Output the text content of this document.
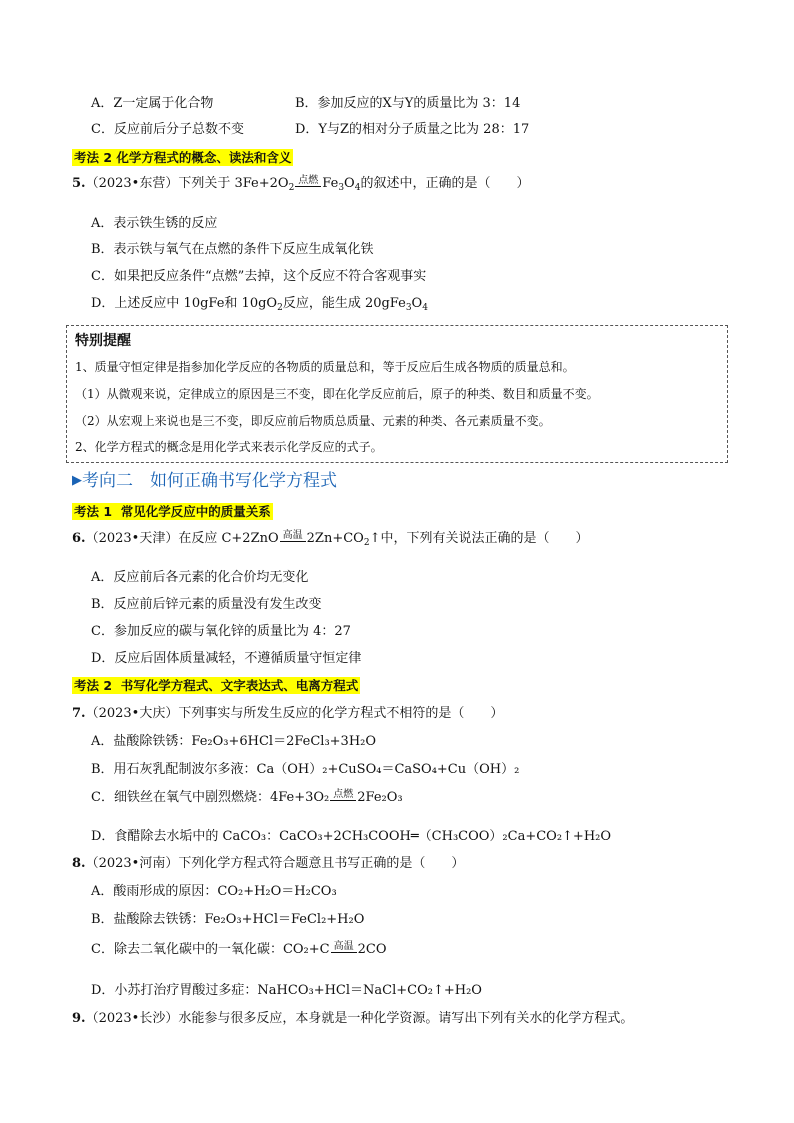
A．Z一定属于化合物	B．参加反应的X与Y的质量比为 3：14
C．反应前后分子总数不变	D．Y与Z的相对分子质量之比为 28：17
考法 2 化学方程式的概念、读法和含义
5.（2023•东营）下列关于 $3Fe+2O_2$
点燃 $Fe_3O_4$的叙述中，正确的是（　　）
A．表示铁生锈的反应
B．表示铁与氧气在点燃的条件下反应生成氧化铁
C．如果把反应条件“点燃”去掉，这个反应不符合客观事实
D．上述反应中 10gFe和 $10gO_2$反应，能生成 $20gFe_3O_4$
特别提醒
1、质量守恒定律是指参加化学反应的各物质的质量总和，等于反应后生成各物质的质量总和。
（1）从微观来说，定律成立的原因是三不变，即在化学反应前后，原子的种类、数目和质量不变。
（2）从宏观上来说也是三不变，即反应前后物质总质量、元素的种类、各元素质量不变。
2、化学方程式的概念是用化学式来表示化学反应的式子。
▶考向二　如何正确书写化学方程式
考法 1 常见化学反应中的质量关系
6.（2023•天津）在反应 C+2ZnO 高温 $2Zn+CO_2↑$中，下列有关说法正确的是（　　）
A．反应前后各元素的化合价均无变化
B．反应前后锌元素的质量没有发生改变
C．参加反应的碳与氧化锌的质量比为 4：27
D．反应后固体质量减轻，不遵循质量守恒定律
考法 2 书写化学方程式、文字表达式、电离方程式
7.（2023•大庆）下列事实与所发生反应的化学方程式不相符的是（　　）
A．盐酸除铁锈：Fe₂O₃+6HCl＝2FeCl₃+3H₂O
B．用石灰乳配制波尔多液：Ca（OH）₂+CuSO₄＝CaSO₄+Cu（OH）₂
C．细铁丝在氧气中剧烈燃烧：4Fe+3O₂ 点燃 2Fe₂O₃
D．食醋除去水垢中的 CaCO₃：CaCO₃+2CH₃COOH═（CH₃COO）₂Ca+CO₂↑+H₂O
8.（2023•河南）下列化学方程式符合题意且书写正确的是（　　）
A．酸雨形成的原因：CO₂+H₂O＝H₂CO₃
B．盐酸除去铁锈：Fe₂O₃+HCl＝FeCl₂+H₂O
C．除去二氧化碳中的一氧化碳：CO₂+C 高温 2CO
D．小苏打治疗胃酸过多症：NaHCO₃+HCl＝NaCl+CO₂↑+H₂O
9.（2023•长沙）水能参与很多反应，本身就是一种化学资源。请写出下列有关水的化学方程式。
